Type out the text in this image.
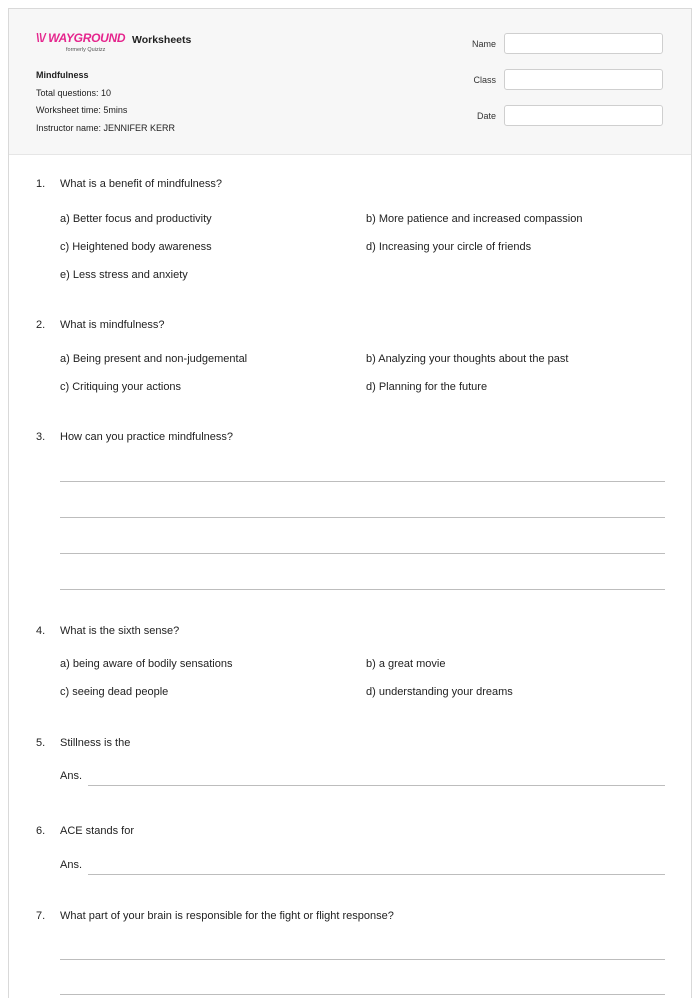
\\/ WAYGROUND
formerly Quizizz
Worksheets
Mindfulness
Total questions: 10
Worksheet time: 5mins
Instructor name: JENNIFER KERR
Name
Class
Date
1. What is a benefit of mindfulness?
a) Better focus and productivity	b) More patience and increased compassion
c) Heightened body awareness	d) Increasing your circle of friends
e) Less stress and anxiety
2. What is mindfulness?
a) Being present and non-judgemental	b) Analyzing your thoughts about the past
c) Critiquing your actions	d) Planning for the future
3. How can you practice mindfulness?
4. What is the sixth sense?
a) being aware of bodily sensations	b) a great movie
c) seeing dead people	d) understanding your dreams
5. Stillness is the
Ans.
6. ACE stands for
Ans.
7. What part of your brain is responsible for the fight or flight response?
